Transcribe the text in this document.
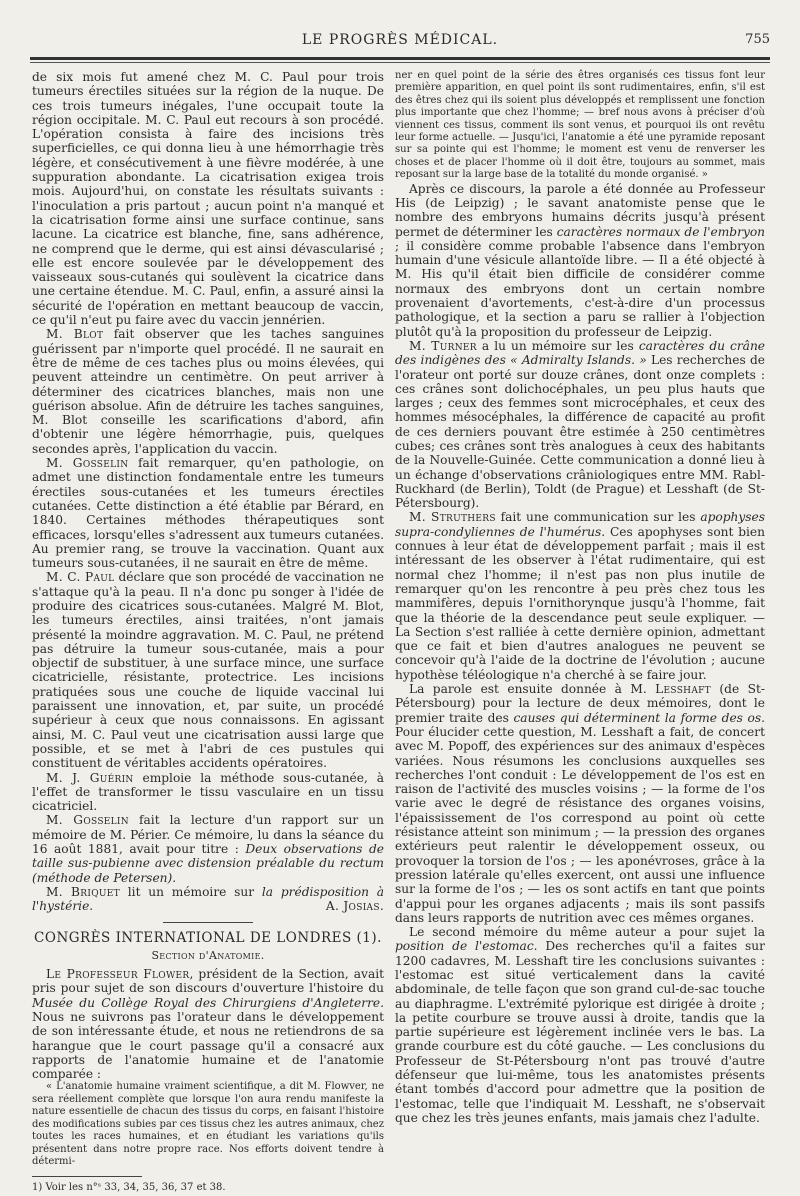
LE PROGRÈS MÉDICAL.	755

de six mois fut amené chez M. C. Paul pour trois tumeurs érectiles situées sur la région de la nuque. De ces trois tumeurs inégales, l'une occupait toute la région occipitale. M. C. Paul eut recours à son procédé. L'opération consista à faire des incisions très superficielles, ce qui donna lieu à une hémorrhagie très légère, et consécutivement à une fièvre modérée, à une suppuration abondante. La cicatrisation exigea trois mois. Aujourd'hui, on constate les résultats suivants : l'inoculation a pris partout ; aucun point n'a manqué et la cicatrisation forme ainsi une surface continue, sans lacune. La cicatrice est blanche, fine, sans adhérence, ne comprend que le derme, qui est ainsi dévascularisé ; elle est encore soulevée par le développement des vaisseaux sous-cutanés qui soulèvent la cicatrice dans une certaine étendue. M. C. Paul, enfin, a assuré ainsi la sécurité de l'opération en mettant beaucoup de vaccin, ce qu'il n'eut pu faire avec du vaccin jennérien.

M. Blot fait observer que les taches sanguines guérissent par n'importe quel procédé. Il ne saurait en être de même de ces taches plus ou moins élevées, qui peuvent atteindre un centimètre. On peut arriver à déterminer des cicatrices blanches, mais non une guérison absolue. Afin de détruire les taches sanguines, M. Blot conseille les scarifications d'abord, afin d'obtenir une légère hémorrhagie, puis, quelques secondes après, l'application du vaccin.

M. Gosselin fait remarquer, qu'en pathologie, on admet une distinction fondamentale entre les tumeurs érectiles sous-cutanées et les tumeurs érectiles cutanées. Cette distinction a été établie par Bérard, en 1840. Certaines méthodes thérapeutiques sont efficaces, lorsqu'elles s'adressent aux tumeurs cutanées. Au premier rang, se trouve la vaccination. Quant aux tumeurs sous-cutanées, il ne saurait en être de même.

M. C. Paul déclare que son procédé de vaccination ne s'attaque qu'à la peau. Il n'a donc pu songer à l'idée de produire des cicatrices sous-cutanées. Malgré M. Blot, les tumeurs érectiles, ainsi traitées, n'ont jamais présenté la moindre aggravation. M. C. Paul, ne prétend pas détruire la tumeur sous-cutanée, mais a pour objectif de substituer, à une surface mince, une surface cicatricielle, résistante, protectrice. Les incisions pratiquées sous une couche de liquide vaccinal lui paraissent une innovation, et, par suite, un procédé supérieur à ceux que nous connaissons. En agissant ainsi, M. C. Paul veut une cicatrisation aussi large que possible, et se met à l'abri de ces pustules qui constituent de véritables accidents opératoires.

M. J. Guérin emploie la méthode sous-cutanée, à l'effet de transformer le tissu vasculaire en un tissu cicatriciel.

M. Gosselin fait la lecture d'un rapport sur un mémoire de M. Périer. Ce mémoire, lu dans la séance du 16 août 1881, avait pour titre : Deux observations de taille sus-pubienne avec distension préalable du rectum (méthode de Petersen).

M. Briquet lit un mémoire sur la prédisposition à l'hystérie.	A. Josias.

CONGRÈS INTERNATIONAL DE LONDRES (1).

Section d'Anatomie.

Le Professeur Flower, président de la Section, avait pris pour sujet de son discours d'ouverture l'histoire du Musée du Collège Royal des Chirurgiens d'Angleterre. Nous ne suivrons pas l'orateur dans le développement de son intéressante étude, et nous ne retiendrons de sa harangue que le court passage qu'il a consacré aux rapports de l'anatomie humaine et de l'anatomie comparée :

« L'anatomie humaine vraiment scientifique, a dit M. Flowver, ne sera réellement complète que lorsque l'on aura rendu manifeste la nature essentielle de chacun des tissus du corps, en faisant l'histoire des modifications subies par ces tissus chez les autres animaux, chez toutes les races humaines, et en étudiant les variations qu'ils présentent dans notre propre race. Nos efforts doivent tendre à détermi-

1) Voir les n°ˢ 33, 34, 35, 36, 37 et 38.

ner en quel point de la série des êtres organisés ces tissus font leur première apparition, en quel point ils sont rudimentaires, enfin, s'il est des êtres chez qui ils soient plus développés et remplissent une fonction plus importante que chez l'homme; — bref nous avons à préciser d'où viennent ces tissus, comment ils sont venus, et pourquoi ils ont revêtu leur forme actuelle. — Jusqu'ici, l'anatomie a été une pyramide reposant sur sa pointe qui est l'homme; le moment est venu de renverser les choses et de placer l'homme où il doit être, toujours au sommet, mais reposant sur la large base de la totalité du monde organisé. »

Après ce discours, la parole a été donnée au Professeur His (de Leipzig) ; le savant anatomiste pense que le nombre des embryons humains décrits jusqu'à présent permet de déterminer les caractères normaux de l'embryon ; il considère comme probable l'absence dans l'embryon humain d'une vésicule allantoïde libre. — Il a été objecté à M. His qu'il était bien difficile de considérer comme normaux des embryons dont un certain nombre provenaient d'avortements, c'est-à-dire d'un processus pathologique, et la section a paru se rallier à l'objection plutôt qu'à la proposition du professeur de Leipzig.

M. Turner a lu un mémoire sur les caractères du crâne des indigènes des « Admiralty Islands. » Les recherches de l'orateur ont porté sur douze crânes, dont onze complets : ces crânes sont dolichocéphales, un peu plus hauts que larges ; ceux des femmes sont microcéphales, et ceux des hommes mésocéphales, la différence de capacité au profit de ces derniers pouvant être estimée à 250 centimètres cubes; ces crânes sont très analogues à ceux des habitants de la Nouvelle-Guinée. Cette communication a donné lieu à un échange d'observations crâniologiques entre MM. Rabl-Ruckhard (de Berlin), Toldt (de Prague) et Lesshaft (de St-Pétersbourg).

M. Struthers fait une communication sur les apophyses supra-condyliennes de l'humérus. Ces apophyses sont bien connues à leur état de développement parfait ; mais il est intéressant de les observer à l'état rudimentaire, qui est normal chez l'homme; il n'est pas non plus inutile de remarquer qu'on les rencontre à peu près chez tous les mammifères, depuis l'ornithorynque jusqu'à l'homme, fait que la théorie de la descendance peut seule expliquer. — La Section s'est ralliée à cette dernière opinion, admettant que ce fait et bien d'autres analogues ne peuvent se concevoir qu'à l'aide de la doctrine de l'évolution ; aucune hypothèse téléologique n'a cherché à se faire jour.

La parole est ensuite donnée à M. Lesshaft (de St-Pétersbourg) pour la lecture de deux mémoires, dont le premier traite des causes qui déterminent la forme des os. Pour élucider cette question, M. Lesshaft a fait, de concert avec M. Popoff, des expériences sur des animaux d'espèces variées. Nous résumons les conclusions auxquelles ses recherches l'ont conduit : Le développement de l'os est en raison de l'activité des muscles voisins ; — la forme de l'os varie avec le degré de résistance des organes voisins, l'épaississement de l'os correspond au point où cette résistance atteint son minimum ; — la pression des organes extérieurs peut ralentir le développement osseux, ou provoquer la torsion de l'os ; — les aponévroses, grâce à la pression latérale qu'elles exercent, ont aussi une influence sur la forme de l'os ; — les os sont actifs en tant que points d'appui pour les organes adjacents ; mais ils sont passifs dans leurs rapports de nutrition avec ces mêmes organes.

Le second mémoire du même auteur a pour sujet la position de l'estomac. Des recherches qu'il a faites sur 1200 cadavres, M. Lesshaft tire les conclusions suivantes : l'estomac est situé verticalement dans la cavité abdominale, de telle façon que son grand cul-de-sac touche au diaphragme. L'extrémité pylorique est dirigée à droite ; la petite courbure se trouve aussi à droite, tandis que la partie supérieure est légèrement inclinée vers le bas. La grande courbure est du côté gauche. — Les conclusions du Professeur de St-Pétersbourg n'ont pas trouvé d'autre défenseur que lui-même, tous les anatomistes présents étant tombés d'accord pour admettre que la position de l'estomac, telle que l'indiquait M. Lesshaft, ne s'observait que chez les très jeunes enfants, mais jamais chez l'adulte.
